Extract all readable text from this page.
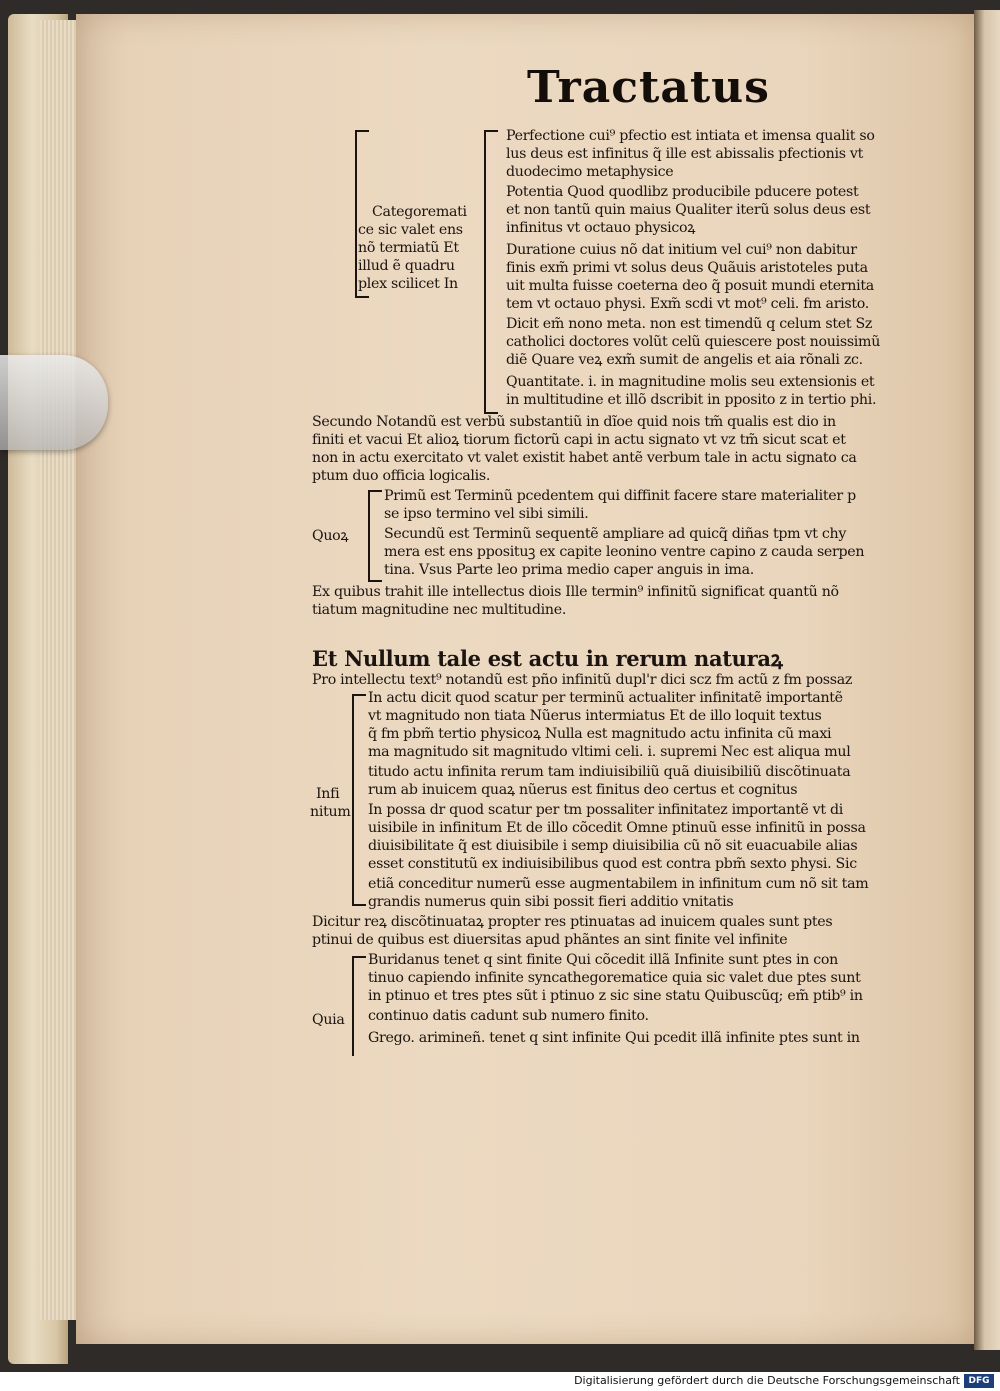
Tractatus
Categoremati
ce sic valet ens
nõ termiatũ Et
illud ẽ quadru
plex scilicet In
Perfectione cui⁹ pfectio est intiata et imensa qualit so
lus deus est infinitus q̃ ille est abissalis pfectionis vt
duodecimo metaphysice
Potentia Quod quodlibz producibile pducere potest
et non tantũ quin maius Qualiter iterũ solus deus est
infinitus vt octauo physicoꝝ
Duratione cuius nõ dat initium vel cui⁹ non dabitur
finis exm̃ primi vt solus deus Quãuis aristoteles puta
uit multa fuisse coeterna deo q̃ posuit mundi eternita
tem vt octauo physi. Exm̃ scdi vt mot⁹ celi. fm aristo.
Dicit em̃ nono meta. non est timendũ q celum stet Sz
catholici doctores volũt celũ quiescere post nouissimũ
diẽ Quare veꝝ exm̃ sumit de angelis et aia rõnali zc.
Quantitate. i. in magnitudine molis seu extensionis et
in multitudine et illõ dscribit in pposito z in tertio phi.
Secundo Notandũ est verbũ substantiũ in dĩoe quid nois tm̃ qualis est dio in
finiti et vacui Et alioꝝ tiorum fictorũ capi in actu signato vt vz tm̃ sicut scat et
non in actu exercitato vt valet existit habet antẽ verbum tale in actu signato ca
ptum duo officia logicalis.
Quoꝝ
Primũ est Terminũ pcedentem qui diffinit facere stare materialiter p
se ipso termino vel sibi simili.
Secundũ est Terminũ sequentẽ ampliare ad quicq̃ diñas tpm vt chy
mera est ens pposituꝫ ex capite leonino ventre capino z cauda serpen
tina. Vsus Parte leo prima medio caper anguis in ima.
Ex quibus trahit ille intellectus diois Ille termin⁹ infinitũ significat quantũ nõ
tiatum magnitudine nec multitudine.
Et Nullum tale est actu in rerum naturaꝝ
Pro intellectu text⁹ notandũ est pño infinitũ dupl'r dici scz fm actũ z fm possaz
Infi
nitum
In actu dicit quod scatur per terminũ actualiter infinitatẽ importantẽ
vt magnitudo non tiata Nũerus intermiatus Et de illo loquit textus
q̃ fm pbm̃ tertio physicoꝝ Nulla est magnitudo actu infinita cũ maxi
ma magnitudo sit magnitudo vltimi celi. i. supremi Nec est aliqua mul
titudo actu infinita rerum tam indiuisibiliũ quã diuisibiliũ discõtinuata
rum ab inuicem quaꝝ nũerus est finitus deo certus et cognitus
In possa dr quod scatur per tm possaliter infinitatez importantẽ vt di
uisibile in infinitum Et de illo cõcedit Omne ptinuũ esse infinitũ in possa
diuisibilitate q̃ est diuisibile i semp diuisibilia cũ nõ sit euacuabile alias
esset constitutũ ex indiuisibilibus quod est contra pbm̃ sexto physi. Sic
etiã conceditur numerũ esse augmentabilem in infinitum cum nõ sit tam
grandis numerus quin sibi possit fieri additio vnitatis
Dicitur reꝝ discõtinuataꝝ propter res ptinuatas ad inuicem quales sunt ptes
ptinui de quibus est diuersitas apud phãntes an sint finite vel infinite
Quia
Buridanus tenet q sint finite Qui cõcedit illã Infinite sunt ptes in con
tinuo capiendo infinite syncathegorematice quia sic valet due ptes sunt
in ptinuo et tres ptes sũt i ptinuo z sic sine statu Quibuscũq; em̃ ptib⁹ in
continuo datis cadunt sub numero finito.
Grego. arimineñ. tenet q sint infinite Qui pcedit illã infinite ptes sunt in
Digitalisierung gefördert durch die Deutsche Forschungsgemeinschaft DFG
